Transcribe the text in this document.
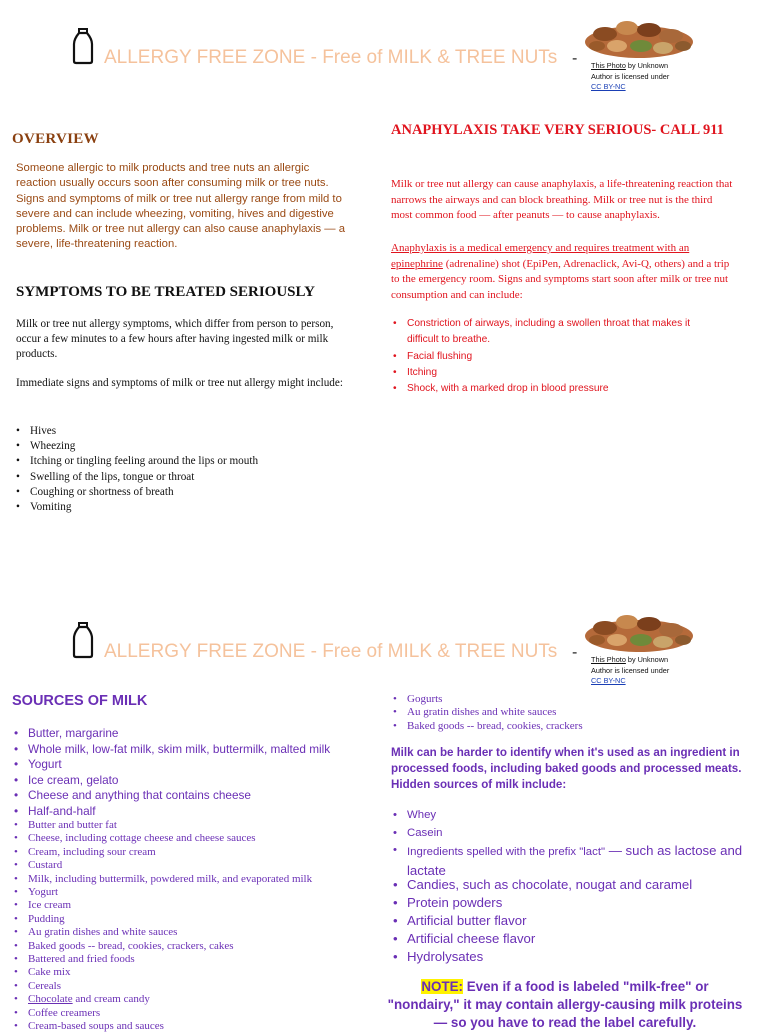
ALLERGY FREE ZONE - Free of MILK & TREE NUTs - This Photo by Unknown
Author is licensed under
CC BY-NC
OVERVIEW
Someone allergic to milk products and tree nuts an allergic reaction usually occurs soon after consuming milk or tree nuts. Signs and symptoms of milk or tree nut allergy range from mild to severe and can include wheezing, vomiting, hives and digestive problems. Milk or tree nut allergy can also cause anaphylaxis — a severe, life-threatening reaction.
SYMPTOMS TO BE TREATED SERIOUSLY
Milk or tree nut allergy symptoms, which differ from person to person, occur a few minutes to a few hours after having ingested milk or milk products.
Immediate signs and symptoms of milk or tree nut allergy might include:
• Hives
• Wheezing
• Itching or tingling feeling around the lips or mouth
• Swelling of the lips, tongue or throat
• Coughing or shortness of breath
• Vomiting
ANAPHYLAXIS TAKE VERY SERIOUS- CALL 911
Milk or tree nut allergy can cause anaphylaxis, a life-threatening reaction that narrows the airways and can block breathing. Milk or tree nut is the third most common food — after peanuts — to cause anaphylaxis.
Anaphylaxis is a medical emergency and requires treatment with an epinephrine (adrenaline) shot (EpiPen, Adrenaclick, Avi-Q, others) and a trip to the emergency room. Signs and symptoms start soon after milk or tree nut consumption and can include:
• Constriction of airways, including a swollen throat that makes it difficult to breathe.
• Facial flushing
• Itching
• Shock, with a marked drop in blood pressure
ALLERGY FREE ZONE - Free of MILK & TREE NUTs - This Photo by Unknown
Author is licensed under
CC BY-NC
SOURCES OF MILK
• Butter, margarine
• Whole milk, low-fat milk, skim milk, buttermilk, malted milk
• Yogurt
• Ice cream, gelato
• Cheese and anything that contains cheese
• Half-and-half
• Butter and butter fat
• Cheese, including cottage cheese and cheese sauces
• Cream, including sour cream
• Custard
• Milk, including buttermilk, powdered milk, and evaporated milk
• Yogurt
• Ice cream
• Pudding
• Au gratin dishes and white sauces
• Baked goods -- bread, cookies, crackers, cakes
• Battered and fried foods
• Cake mix
• Cereals
• Chocolate and cream candy
• Coffee creamers
• Cream-based soups and sauces
• Gogurts
• Au gratin dishes and white sauces
• Baked goods -- bread, cookies, crackers
Milk can be harder to identify when it's used as an ingredient in processed foods, including baked goods and processed meats. Hidden sources of milk include:
• Whey
• Casein
• Ingredients spelled with the prefix "lact" — such as lactose and lactate
• Candies, such as chocolate, nougat and caramel
• Protein powders
• Artificial butter flavor
• Artificial cheese flavor
• Hydrolysates
NOTE: Even if a food is labeled "milk-free" or "nondairy," it may contain allergy-causing milk proteins — so you have to read the label carefully.
